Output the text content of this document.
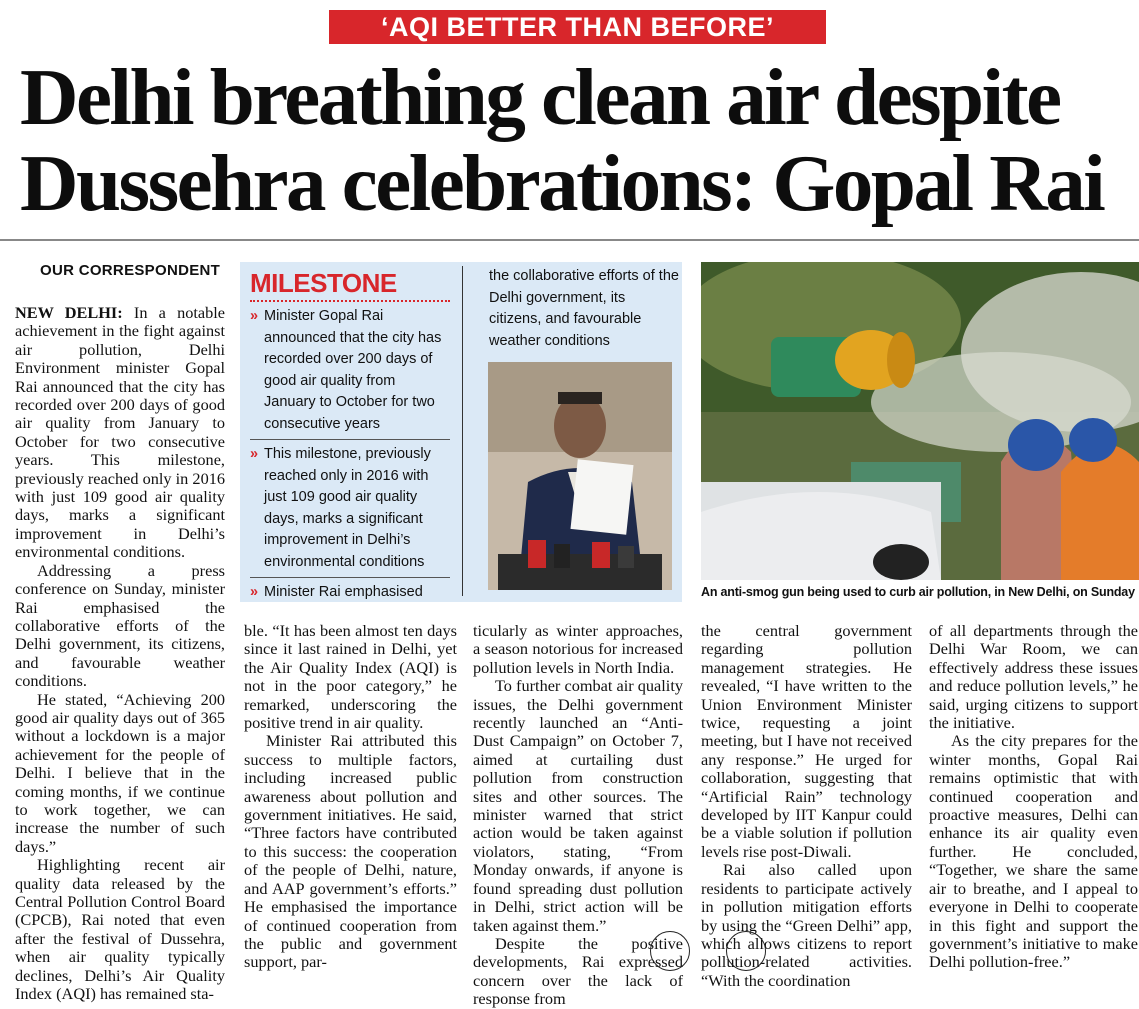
‘AQI BETTER THAN BEFORE’
Delhi breathing clean air despite Dussehra celebrations: Gopal Rai
OUR CORRESPONDENT

NEW DELHI: In a notable achievement in the fight against air pollution, Delhi Environment minister Gopal Rai announced that the city has recorded over 200 days of good air quality from January to October for two consecutive years. This milestone, previously reached only in 2016 with just 109 good air quality days, marks a significant improvement in Delhi’s environmental conditions.

Addressing a press conference on Sunday, minister Rai emphasised the collaborative efforts of the Delhi government, its citizens, and favourable weather conditions.

He stated, “Achieving 200 good air quality days out of 365 without a lockdown is a major achievement for the people of Delhi. I believe that in the coming months, if we continue to work together, we can increase the number of such days.”

Highlighting recent air quality data released by the Central Pollution Control Board (CPCB), Rai noted that even after the festival of Dussehra, when air quality typically declines, Delhi’s Air Quality Index (AQI) has remained sta-

MILESTONE
» Minister Gopal Rai announced that the city has recorded over 200 days of good air quality from January to October for two consecutive years
» This milestone, previously reached only in 2016 with just 109 good air quality days, marks a significant improvement in Delhi’s environmental conditions
» Minister Rai emphasised
the collaborative efforts of the Delhi government, its citizens, and favourable weather conditions
An anti-smog gun being used to curb air pollution, in New Delhi, on Sunday

ble. “It has been almost ten days since it last rained in Delhi, yet the Air Quality Index (AQI) is not in the poor category,” he remarked, underscoring the positive trend in air quality.

Minister Rai attributed this success to multiple factors, including increased public awareness about pollution and government initiatives. He said, “Three factors have contributed to this success: the cooperation of the people of Delhi, nature, and AAP government’s efforts.” He emphasised the importance of continued cooperation from the public and government support, par-

ticularly as winter approaches, a season notorious for increased pollution levels in North India.

To further combat air quality issues, the Delhi government recently launched an “Anti-Dust Campaign” on October 7, aimed at curtailing dust pollution from construction sites and other sources. The minister warned that strict action would be taken against violators, stating, “From Monday onwards, if anyone is found spreading dust pollution in Delhi, strict action will be taken against them.”

Despite the positive developments, Rai expressed concern over the lack of response from

the central government regarding pollution management strategies. He revealed, “I have written to the Union Environment Minister twice, requesting a joint meeting, but I have not received any response.” He urged for collaboration, suggesting that “Artificial Rain” technology developed by IIT Kanpur could be a viable solution if pollution levels rise post-Diwali.

Rai also called upon residents to participate actively in pollution mitigation efforts by using the “Green Delhi” app, which allows citizens to report pollution-related activities. “With the coordination

of all departments through the Delhi War Room, we can effectively address these issues and reduce pollution levels,” he said, urging citizens to support the initiative.

As the city prepares for the winter months, Gopal Rai remains optimistic that with continued cooperation and proactive measures, Delhi can enhance its air quality even further. He concluded, “Together, we share the same air to breathe, and I appeal to everyone in Delhi to cooperate in this fight and support the government’s initiative to make Delhi pollution-free.”
